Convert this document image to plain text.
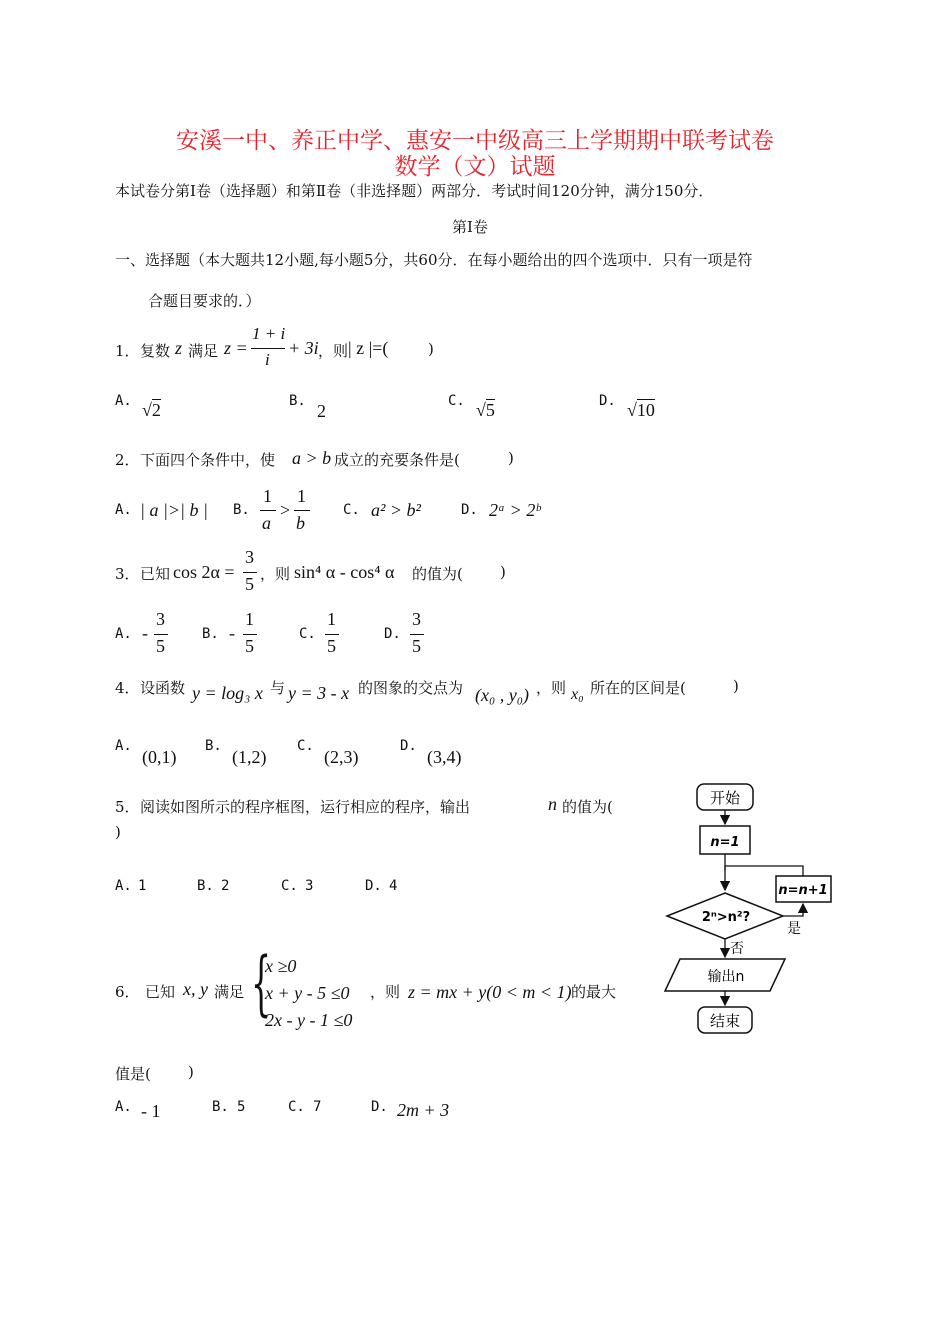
安溪一中、养正中学、惠安一中级高三上学期期中联考试卷
数学（文）试题
本试卷分第Ⅰ卷（选择题）和第Ⅱ卷（非选择题）两部分．考试时间120分钟，满分150分．
第Ⅰ卷
一、选择题（本大题共12小题,每小题5分，共60分．在每小题给出的四个选项中．只有一项是符
合题目要求的．）
1． 复数 z 满足 z =
1 + i
i
+ 3i ，则 | z |=(	)
A. √2	B. 2	C. √5	D. √10
2． 下面四个条件中，使 a > b 成立的充要条件是(	)
A. | a |>| b | B.
1
a
>
1
b
C. a² > b²	D. 2ᵃ > 2ᵇ
3． 已知 cos 2α =
3
5 ，则 sin⁴ α - cos⁴ α 的值为( )
A. -
3
5
B. -
1
5
C.
1
5
D.
3
5
4． 设函数 y = log₃ x 与 y = 3 - x 的图象的交点为 (x₀ , y₀) ，则 x₀ 所在的区间是(	)
A.
(0,1)
B.
(1,2)
C.
(2,3)
D.
(3,4)
5． 阅读如图所示的程序框图，运行相应的程序，输出	n 的值为(
)
A. 1	B. 2	C. 3	D. 4
开始
n=1
n=n+1
2ⁿ>n²?
是
否
输出n
结束
6． 已知 x, y 满足 {
x ≥0
x + y - 5 ≤0
2x - y - 1 ≤0
，则 z = mx + y(0 < m < 1) 的最大
值是( )
A. - 1	B. 5	C. 7	D. 2m + 3
